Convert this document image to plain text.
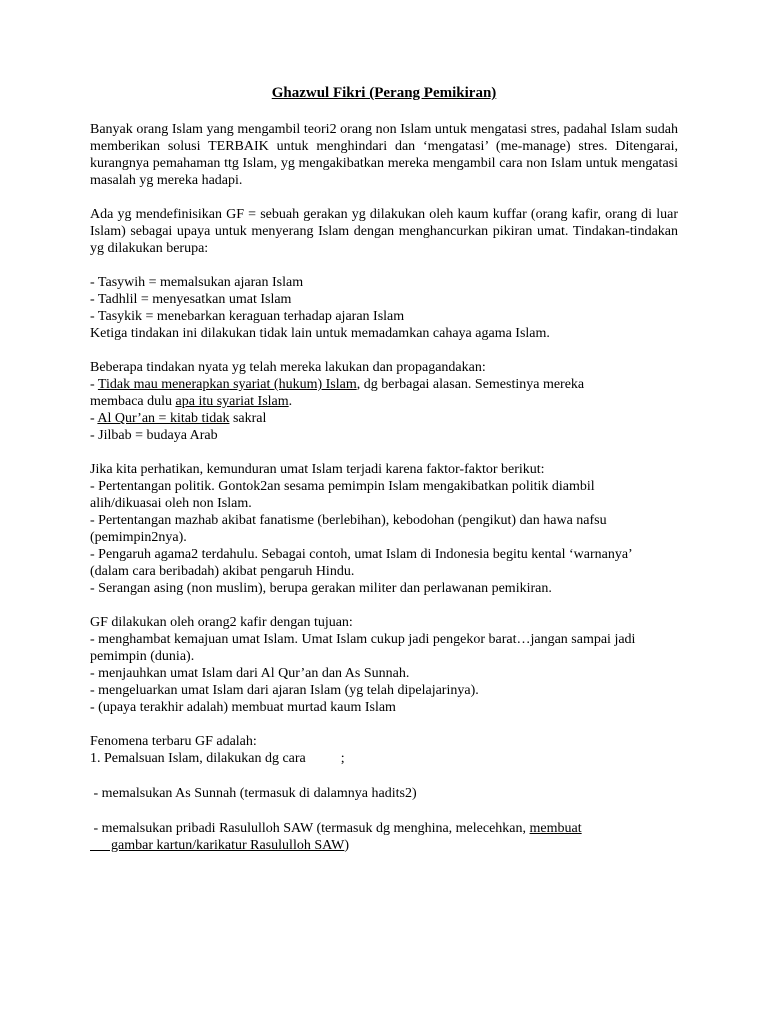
Ghazwul Fikri (Perang Pemikiran)

Banyak orang Islam yang mengambil teori2 orang non Islam untuk mengatasi stres, padahal Islam sudah memberikan solusi TERBAIK untuk menghindari dan ‘mengatasi’ (me-manage) stres. Ditengarai, kurangnya pemahaman ttg Islam, yg mengakibatkan mereka mengambil cara non Islam untuk mengatasi masalah yg mereka hadapi.

Ada yg mendefinisikan GF = sebuah gerakan yg dilakukan oleh kaum kuffar (orang kafir, orang di luar Islam) sebagai upaya untuk menyerang Islam dengan menghancurkan pikiran umat. Tindakan-tindakan yg dilakukan berupa:

- Tasywih = memalsukan ajaran Islam
- Tadhlil = menyesatkan umat Islam
- Tasykik = menebarkan keraguan terhadap ajaran Islam
Ketiga tindakan ini dilakukan tidak lain untuk memadamkan cahaya agama Islam.
Beberapa tindakan nyata yg telah mereka lakukan dan propagandakan:
- Tidak mau menerapkan syariat (hukum) Islam, dg berbagai alasan. Semestinya mereka
membaca dulu apa itu syariat Islam.
- Al Qur’an = kitab tidak sakral
- Jilbab = budaya Arab
Jika kita perhatikan, kemunduran umat Islam terjadi karena faktor-faktor berikut:
- Pertentangan politik. Gontok2an sesama pemimpin Islam mengakibatkan politik diambil
alih/dikuasai oleh non Islam.
- Pertentangan mazhab akibat fanatisme (berlebihan), kebodohan (pengikut) dan hawa nafsu
(pemimpin2nya).
- Pengaruh agama2 terdahulu. Sebagai contoh, umat Islam di Indonesia begitu kental ‘warnanya’
(dalam cara beribadah) akibat pengaruh Hindu.
- Serangan asing (non muslim), berupa gerakan militer dan perlawanan pemikiran.
GF dilakukan oleh orang2 kafir dengan tujuan:
- menghambat kemajuan umat Islam. Umat Islam cukup jadi pengekor barat…jangan sampai jadi
pemimpin (dunia).
- menjauhkan umat Islam dari Al Qur’an dan As Sunnah.
- mengeluarkan umat Islam dari ajaran Islam (yg telah dipelajarinya).
- (upaya terakhir adalah) membuat murtad kaum Islam
Fenomena terbaru GF adalah:
1. Pemalsuan Islam, dilakukan dg cara          ;
- memalsukan As Sunnah (termasuk di dalamnya hadits2)
- memalsukan pribadi Rasululloh SAW (termasuk dg menghina, melecehkan, membuat
gambar kartun/karikatur Rasululloh SAW)
